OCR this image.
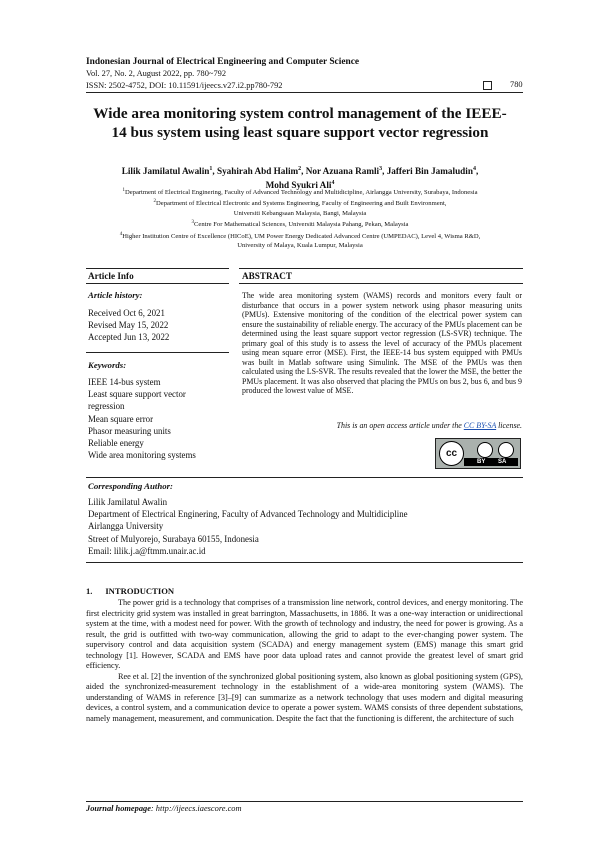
Indonesian Journal of Electrical Engineering and Computer Science
Vol. 27, No. 2, August 2022, pp. 780~792
ISSN: 2502-4752, DOI: 10.11591/ijeecs.v27.i2.pp780-792	780
Wide area monitoring system control management of the IEEE-
14 bus system using least square support vector regression
Lilik Jamilatul Awalin$^1$, Syahirah Abd Halim$^2$, Nor Azuana Ramli$^3$, Jafferi Bin Jamaludin$^4$,
Mohd Syukri Ali$^4$
$^1$Department of Electrical Enginering, Faculty of Advanced Technology and Multidicipline, Airlangga University, Surabaya, Indonesia
$^2$Department of Electrical Electronic and Systems Engineering, Faculty of Engineering and Built Environment,
Universiti Kebangsaan Malaysia, Bangi, Malaysia
$^3$Centre For Mathematical Sciences, Universiti Malaysia Pahang, Pekan, Malaysia
$^4$Higher Institution Centre of Excellence (HICoE), UM Power Energy Dedicated Advanced Centre (UMPEDAC), Level 4, Wisma R&D,
University of Malaya, Kuala Lumpur, Malaysia
Article Info	ABSTRACT
Article history:
Received Oct 6, 2021
Revised May 15, 2022
Accepted Jun 13, 2022
Keywords:
IEEE 14-bus system
Least square support vector
regression
Mean square error
Phasor measuring units
Reliable energy
Wide area monitoring systems
The wide area monitoring system (WAMS) records and monitors every fault or disturbance that occurs in a power system network using phasor measuring units (PMUs). Extensive monitoring of the condition of the electrical power system can ensure the sustainability of reliable energy. The accuracy of the PMUs placement can be determined using the least square support vector regression (LS-SVR) technique. The primary goal of this study is to assess the level of accuracy of the PMUs placement using mean square error (MSE). First, the IEEE-14 bus system equipped with PMUs was built in Matlab software using Simulink. The MSE of the PMUs was then calculated using the LS-SVR. The results revealed that the lower the MSE, the better the PMUs placement. It was also observed that placing the PMUs on bus 2, bus 6, and bus 9 produced the lowest value of MSE.
This is an open access article under the CC BY-SA license.
cc
BY SA
Corresponding Author:
Lilik Jamilatul Awalin
Department of Electrical Enginering, Faculty of Advanced Technology and Multidicipline
Airlangga University
Street of Mulyorejo, Surabaya 60155, Indonesia
Email: lilik.j.a@ftmm.unair.ac.id
1.      INTRODUCTION

The power grid is a technology that comprises of a transmission line network, control devices, and energy monitoring. The first electricity grid system was installed in great barrington, Massachusetts, in 1886. It was a one-way interaction or unidirectional system at the time, with a modest need for power. With the growth of technology and industry, the need for power is growing. As a result, the grid is outfitted with two-way communication, allowing the grid to adapt to the ever-changing power system. The supervisory control and data acquisition system (SCADA) and energy management system (EMS) manage this smart grid technology [1]. However, SCADA and EMS have poor data upload rates and cannot provide the greatest level of smart grid efficiency.

Ree et al. [2] the invention of the synchronized global positioning system, also known as global positioning system (GPS), aided the synchronized-measurement technology in the establishment of a wide-area monitoring system (WAMS). The understanding of WAMS in reference [3]–[9] can summarize as a network technology that uses modern and digital measuring devices, a control system, and a communication device to operate a power system. WAMS consists of three dependent substations, namely management, measurement, and communication. Despite the fact that the functioning is different, the architecture of such

Journal homepage: http://ijeecs.iaescore.com
